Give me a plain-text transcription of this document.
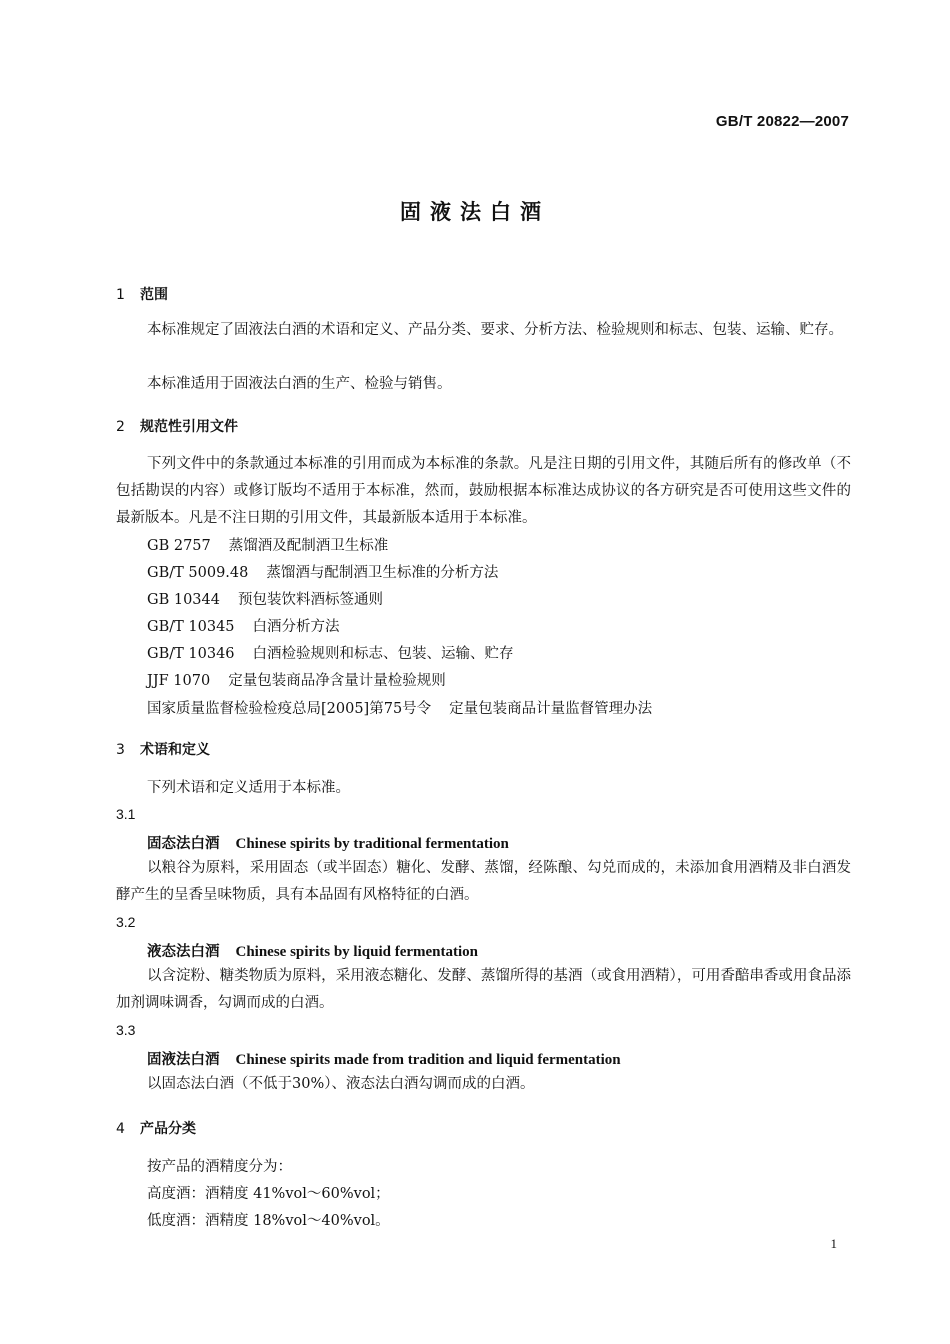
GB/T 20822—2007
固液法白酒
1 范围

本标准规定了固液法白酒的术语和定义、产品分类、要求、分析方法、检验规则和标志、包装、运输、贮存。

本标准适用于固液法白酒的生产、检验与销售。

2 规范性引用文件

下列文件中的条款通过本标准的引用而成为本标准的条款。凡是注日期的引用文件，其随后所有的修改单（不包括勘误的内容）或修订版均不适用于本标准，然而，鼓励根据本标准达成协议的各方研究是否可使用这些文件的最新版本。凡是不注日期的引用文件，其最新版本适用于本标准。

GB 2757 蒸馏酒及配制酒卫生标准
GB/T 5009.48 蒸馏酒与配制酒卫生标准的分析方法
GB 10344 预包装饮料酒标签通则
GB/T 10345 白酒分析方法
GB/T 10346 白酒检验规则和标志、包装、运输、贮存
JJF 1070 定量包装商品净含量计量检验规则
国家质量监督检验检疫总局[2005]第75号令 定量包装商品计量监督管理办法
3 术语和定义
下列术语和定义适用于本标准。
3.1
固态法白酒 Chinese spirits by traditional fermentation

以粮谷为原料，采用固态（或半固态）糖化、发酵、蒸馏，经陈酿、勾兑而成的，未添加食用酒精及非白酒发酵产生的呈香呈味物质，具有本品固有风格特征的白酒。

3.2
液态法白酒 Chinese spirits by liquid fermentation

以含淀粉、糖类物质为原料，采用液态糖化、发酵、蒸馏所得的基酒（或食用酒精），可用香醅串香或用食品添加剂调味调香，勾调而成的白酒。

3.3
固液法白酒 Chinese spirits made from tradition and liquid fermentation

以固态法白酒（不低于30%）、液态法白酒勾调而成的白酒。

4 产品分类
按产品的酒精度分为：
高度酒：酒精度 41%vol～60%vol；
低度酒：酒精度 18%vol～40%vol。
1
